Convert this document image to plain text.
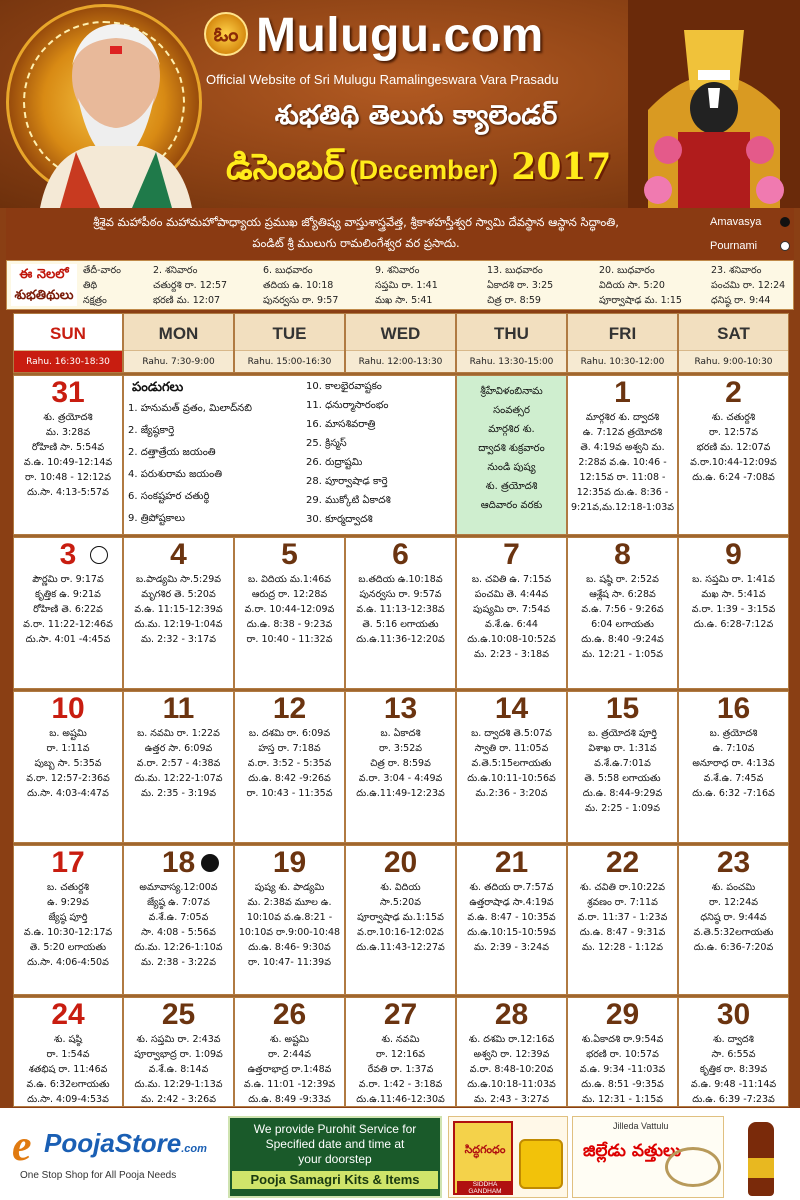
ఓం Mulugu.com
Official Website of Sri Mulugu Ramalingeswara Vara Prasadu
శుభతిథి తెలుగు క్యాలెండర్
డిసెంబర్ (December) 2017
శ్రీశైవ మహాపీఠం మహామహోపాధ్యాయ ప్రముఖ జ్యోతిష్య వాస్తుశాస్త్రవేత్త, శ్రీకాళహస్తీశ్వర స్వామి దేవస్థాన ఆస్థాన సిద్ధాంతి,
పండిట్ శ్రీ ములుగు రామలింగేశ్వర వర ప్రసాదు.
Amavasya
Pournami
ఈ నెలలో
శుభతిథులు
తేదీ-వారం
తిథి
నక్షత్రం
2. శనివారం
చతుర్దశి రా. 12:57
భరణి మ. 12:07
6. బుధవారం
తదియ ఉ. 10:18
పునర్వసు రా. 9:57
9. శనివారం
సప్తమి రా. 1:41
మఖ సా. 5:41
13. బుధవారం
ఏకాదశి రా. 3:25
చిత్ర రా. 8:59
20. బుధవారం
విదియ సా. 5:20
పూర్వాషాఢ మ. 1:15
23. శనివారం
పంచమి రా. 12:24
ధనిష్ఠ రా. 9:44
SUN
Rahu. 16:30-18:30
MON
Rahu. 7:30-9:00
TUE
Rahu. 15:00-16:30
WED
Rahu. 12:00-13:30
THU
Rahu. 13:30-15:00
FRI
Rahu. 10:30-12:00
SAT
Rahu. 9:00-10:30
పండుగలు
1. హనుమత్ వ్రతం, మిలాద్‌నబి
2. జ్యేష్ఠకార్తె
2. దత్తాత్రేయ జయంతి
4. పరుశురామ జయంతి
6. సంకష్టహర చతుర్థి
9. త్రిపోష్టకాలు
10. కాలభైరవాష్టకం
11. ధనుర్మాసారంభం
16. మాసశివరాత్రి
25. క్రిస్మస్
26. రుద్రాష్టమి
28. పూర్వాషాఢ కార్తె
29. ముక్కోటి ఏకాదశి
30. కూర్మద్వాదశి
శ్రీహేవిళంబినామ
సంవత్సర
మార్గశిర శు.
ద్వాదశి శుక్రవారం
నుండి పుష్య
శు. త్రయోదశి
ఆదివారం వరకు
31
శు. త్రయోదశి
మ. 3:28వ
రోహిణి సా. 5:54వ
వ.ఉ. 10:49-12:14వ
రా. 10:48 - 12:12వ
దు.సా. 4:13-5:57వ
1
మార్గశిర శు. ద్వాదశి
ఉ. 7:12వ త్రయోదశి
తె. 4:19వ అశ్వని మ.
2:28వ వ.ఉ. 10:46 -
12:15వ రా. 11:08 -
12:35వ దు.ఉ. 8:36 -
9:21వ,మ.12:18-1:03వ
2
శు. చతుర్దశి
రా. 12:57వ
భరణి మ. 12:07వ
వ.రా.10:44-12:09వ
దు.ఉ. 6:24 -7:08వ
3
పౌర్ణమి రా. 9:17వ
కృత్తిక ఉ. 9:21వ
రోహిణి తె. 6:22వ
వ.రా. 11:22-12:46వ
దు.సా. 4:01 -4:45వ
4
బ.పాడ్యమి సా.5:29వ
మృగశిర తె. 5:20వ
వ.ఉ. 11:15-12:39వ
దు.మ. 12:19-1:04వ
మ. 2:32 - 3:17వ
5
బ. విదియ మ.1:46వ
ఆరుద్ర రా. 12:28వ
వ.రా. 10:44-12:09వ
దు.ఉ. 8:38 - 9:23వ
రా. 10:40 - 11:32వ
6
బ.తదియ ఉ.10:18వ
పునర్వసు రా. 9:57వ
వ.ఉ. 11:13-12:38వ
తె. 5:16 లగాయతు
దు.ఉ.11:36-12:20వ
7
బ. చవితి ఉ. 7:15వ
పంచమి తె. 4:44వ
పుష్యమి రా. 7:54వ
వ.శే.ఉ. 6:44
దు.ఉ.10:08-10:52వ
మ. 2:23 - 3:18వ
8
బ. షష్ఠి రా. 2:52వ
ఆశ్లేష సా. 6:28వ
వ.ఉ. 7:56 - 9:26వ
6:04 లగాయతు
దు.ఉ. 8:40 -9:24వ
మ. 12:21 - 1:05వ
9
బ. సప్తమి రా. 1:41వ
మఖ సా. 5:41వ
వ.రా. 1:39 - 3:15వ
దు.ఉ. 6:28-7:12వ
10
బ. అష్టమి
రా. 1:11వ
పుబ్బ సా. 5:35వ
వ.రా. 12:57-2:36వ
దు.సా. 4:03-4:47వ
11
బ. నవమి రా. 1:22వ
ఉత్తర సా. 6:09వ
వ.రా. 2:57 - 4:38వ
దు.మ. 12:22-1:07వ
మ. 2:35 - 3:19వ
12
బ. దశమి రా. 6:09వ
హస్త రా. 7:18వ
వ.రా. 3:52 - 5:35వ
దు.ఉ. 8:42 -9:26వ
రా. 10:43 - 11:35వ
13
బ. ఏకాదశి
రా. 3:52వ
చిత్ర రా. 8:59వ
వ.రా. 3:04 - 4:49వ
దు.ఉ.11:49-12:23వ
14
బ. ద్వాదశి తె.5:07వ
స్వాతి రా. 11:05వ
వ.తె.5:15లగాయతు
దు.ఉ.10:11-10:56వ
మ.2:36 - 3:20వ
15
బ. త్రయోదశి పూర్తి
విశాఖ రా. 1:31వ
వ.శే.ఉ.7:01వ
తె. 5:58 లగాయతు
దు.ఉ. 8:44-9:29వ
మ. 2:25 - 1:09వ
16
బ. త్రయోదశి
ఉ. 7:10వ
అనూరాధ రా. 4:13వ
వ.శే.ఉ. 7:45వ
దు.ఉ. 6:32 -7:16వ
17
బ. చతుర్దశి
ఉ. 9:29వ
జ్యేష్ఠ పూర్తి
వ.ఉ. 10:30-12:17వ
తె. 5:20 లగాయతు
దు.సా. 4:06-4:50వ
18
అమావాస్య.12:00వ
జ్యేష్ఠ ఉ. 7:07వ
వ.శే.ఉ. 7:05వ
సా. 4:08 - 5:56వ
దు.మ. 12:26-1:10వ
మ. 2:38 - 3:22వ
19
పుష్య శు. పాడ్యమి
మ. 2:38వ మూల ఉ.
10:10వ వ.ఉ.8:21 -
10:10వ రా.9:00-10:48
దు.ఉ. 8:46- 9:30వ
రా. 10:47- 11:39వ
20
శు. విదియ
సా.5:20వ
పూర్వాషాఢ మ.1:15వ
వ.రా.10:16-12:02వ
దు.ఉ.11:43-12:27వ
21
శు. తదియ రా.7:57వ
ఉత్తరాషాఢ సా.4:19వ
వ.ఉ. 8:47 - 10:35వ
దు.ఉ.10:15-10:59వ
మ. 2:39 - 3:24వ
22
శు. చవితి రా.10:22వ
శ్రవణం రా. 7:11వ
వ.రా. 11:37 - 1:23వ
దు.ఉ. 8:47 - 9:31వ
మ. 12:28 - 1:12వ
23
శు. పంచమి
రా. 12:24వ
ధనిష్ఠ రా. 9:44వ
వ.తె.5:32లగాయతు
దు.ఉ. 6:36-7:20వ
24
శు. షష్ఠి
రా. 1:54వ
శతభిష రా. 11:46వ
వ.ఉ. 6:32లగాయతు
దు.సా. 4:09-4:53వ
25
శు. సప్తమి రా. 2:43వ
పూర్వాభాద్ర రా. 1:09వ
వ.శే.ఉ. 8:14వ
దు.మ. 12:29-1:13వ
మ. 2:42 - 3:26వ
26
శు. అష్టమి
రా. 2:44వ
ఉత్తరాభాద్ర రా.1:48వ
వ.ఉ. 11:01 -12:39వ
దు.ఉ. 8:49 -9:33వ
27
శు. నవమి
రా. 12:16వ
రేవతి రా. 1:37వ
వ.రా. 1:42 - 3:18వ
దు.ఉ.11:46-12:30వ
28
శు. దశమి రా.12:16వ
అశ్వని రా. 12:39వ
వ.రా. 8:48-10:20వ
దు.ఉ.10:18-11:03వ
మ. 2:43 - 3:27వ
29
శు.ఏకాదశి రా.9:54వ
భరణి రా. 10:57వ
వ.ఉ. 9:34 -11:03వ
దు.ఉ. 8:51 -9:35వ
మ. 12:31 - 1:15వ
30
శు. ద్వాదశి
సా. 6:55వ
కృత్తిక రా. 8:39వ
వ.ఉ. 9:48 -11:14వ
దు.ఉ. 6:39 -7:23వ
e PoojaStore.com
One Stop Shop for All Pooja Needs
We provide Purohit Service for
Specified date and time at
your doorstep
Pooja Samagri Kits & Items
సిద్ధగంధం
SIDDHA GANDHAM
Jilleda Vattulu
జిల్లేడు వత్తులు
